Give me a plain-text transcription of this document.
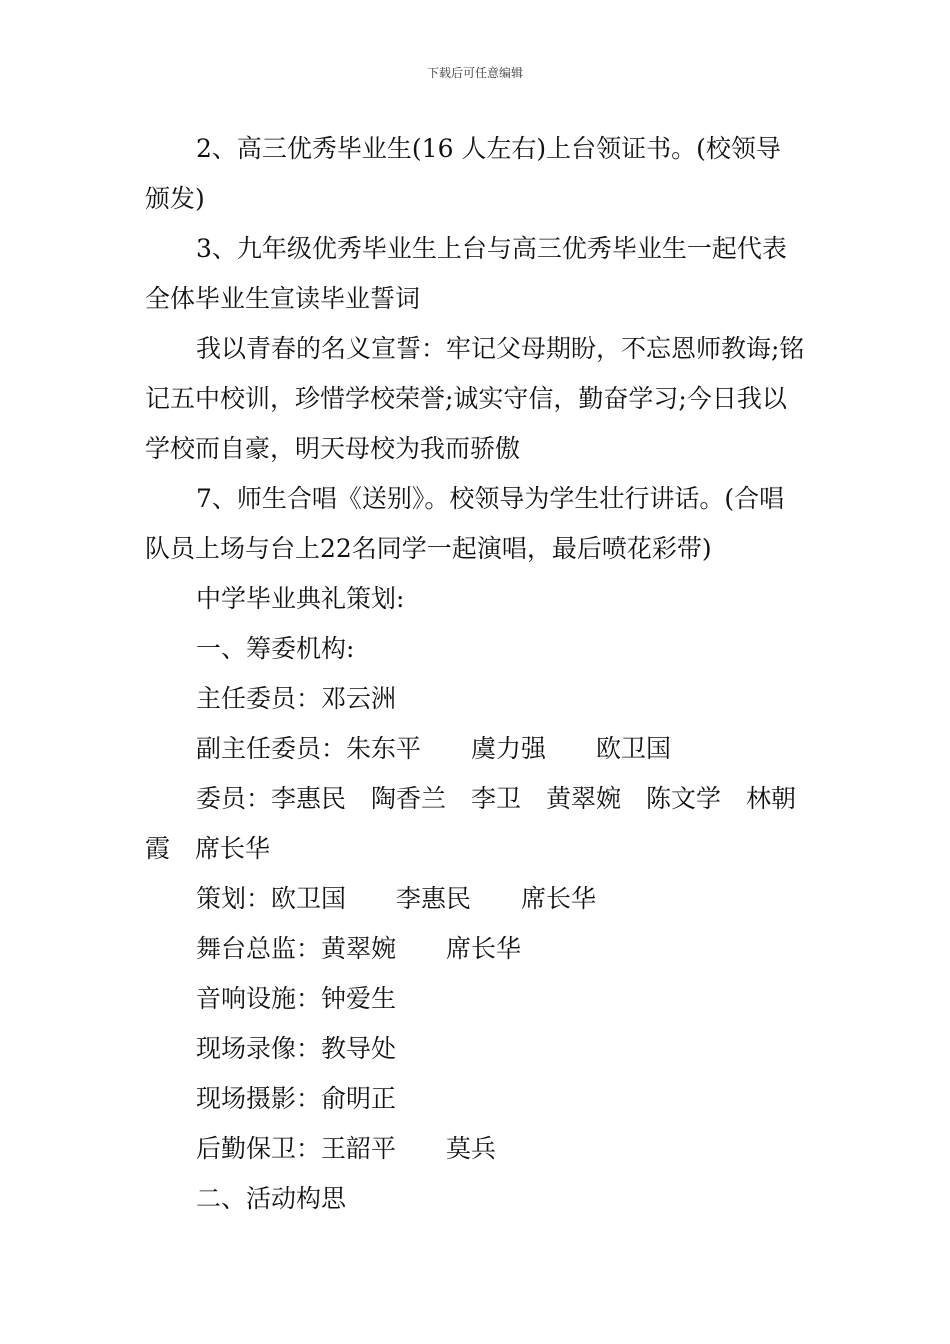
下载后可任意编辑

2、高三优秀毕业生(16 人左右)上台领证书。(校领导颁发)

3、九年级优秀毕业生上台与高三优秀毕业生一起代表全体毕业生宣读毕业誓词

我以青春的名义宣誓：牢记父母期盼，不忘恩师教诲;铭记五中校训，珍惜学校荣誉;诚实守信，勤奋学习;今日我以学校而自豪，明天母校为我而骄傲

7、师生合唱《送别》。校领导为学生壮行讲话。(合唱队员上场与台上22名同学一起演唱，最后喷花彩带)

中学毕业典礼策划:

一、筹委机构:

主任委员：邓云洲

副主任委员：朱东平　　虞力强　　欧卫国

委员：李惠民　陶香兰　李卫　黄翠婉　陈文学　林朝霞　席长华

策划：欧卫国　　李惠民　　席长华

舞台总监：黄翠婉　　席长华

音响设施：钟爱生

现场录像：教导处

现场摄影：俞明正

后勤保卫：王韶平　　莫兵

二、活动构思
